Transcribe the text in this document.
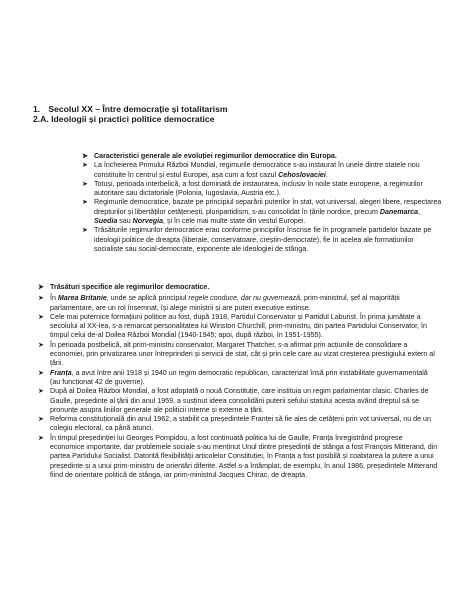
1. Secolul XX – Între democrație și totalitarism
2.A. Ideologii și practici politice democratice

➤ Caracteristici generale ale evoluției regimurilor democratice din Europa.

➤ La încheierea Primului Război Mondial, regimurile democratice s-au instaurat în unele dintre statele nou constituite în centrul și estul Europei, așa cum a fost cazul Cehoslovaciei.

➤ Totuși, perioada interbelică, a fost dominată de instaurarea, inclusiv în noile state europene, a regimurilor autoritare sau dictatoriale (Polonia, Iugoslavia, Austria etc.).

➤ Regimurile democratice, bazate pe principiul separării puterilor în stat, vot universal, alegeri libere, respectarea drepturilor și libertăților cetățenești, pluripartidism, s-au consolidat în țările nordice, precum Danemarca, Suedia sau Norvegia, și în cele mai multe state din vestul Europei.

➤ Trăsăturile regimurilor democratice erau conforme principiilor înscrise fie în programele partidelor bazate pe ideologii politice de dreapta (liberale, conservatoare, creștin-democrate), fie în acelea ale formațiunilor socialiste sau social-democrate, exponente ale ideologiei de stânga.

➤ Trăsături specifice ale regimurilor democratice.

➤ În Marea Britanie, unde se aplică principiul regele conduce, dar nu guvernează, prim-ministrul, șef al majorității parlamentare, are un rol însemnat, își alege miniștrii și are puteri executive extinse.

➤ Cele mai puternice formațiuni politice au fost, după 1918, Partidul Conservator și Partidul Laburist. În prima jumătate a secolului al XX-lea, s-a remarcat personalitatea lui Winston Churchill, prim-ministru, din partea Partidului Conservator, în timpul celui de-al Doilea Război Mondial (1940-1945; apoi, după război, în 1951-1955).

➤ În perioada postbelică, alt prim-ministru conservator, Margaret Thatcher, s-a afirmat prin acțiunile de consolidare a economiei, prin privatizarea unor întreprinderi și servicii de stat, cât și prin cele care au vizat creșterea prestigiului extern al țării.

➤ Franța, a avut între anii 1918 și 1940 un regim democratic republican, caracterizat însă prin instabilitate guvernamentală (au funcționat 42 de guverne).

➤ După al Doilea Război Mondial, a fost adoptată o nouă Constituție, care instituia un regim parlamentar clasic. Charles de Gaulle, președinte al țării din anul 1959, a susținut ideea consolidării puterii șefului statului acesta având dreptul să se pronunțe asupra liniilor generale ale politicii interne și externe a țării.

➤ Reforma constituțională din anul 1962, a stabilit ca președintele Franței să fie ales de cetățeni prin vot universal, nu de un colegiu electoral, ca până atunci.

➤ În timpul președinției lui Georges Pompidou, a fost continuată politica lui de Gaulle, Franța înregistrând progrese economice importante, dar problemele sociale s-au menținut Unul dintre președinții de stânga a fost François Mitterand, din partea Partidului Socialist. Datorită flexibilității articolelor Constituției, în Franța a fost posibilă și coabitarea la putere a unui președinte și a unui prim-ministru de orientări diferite. Astfel s-a întâmplat, de exemplu, în anul 1986, președintele Mitterand fiind de orientare politică de stânga, iar prim-ministrul Jacques Chirac, de dreapta.
